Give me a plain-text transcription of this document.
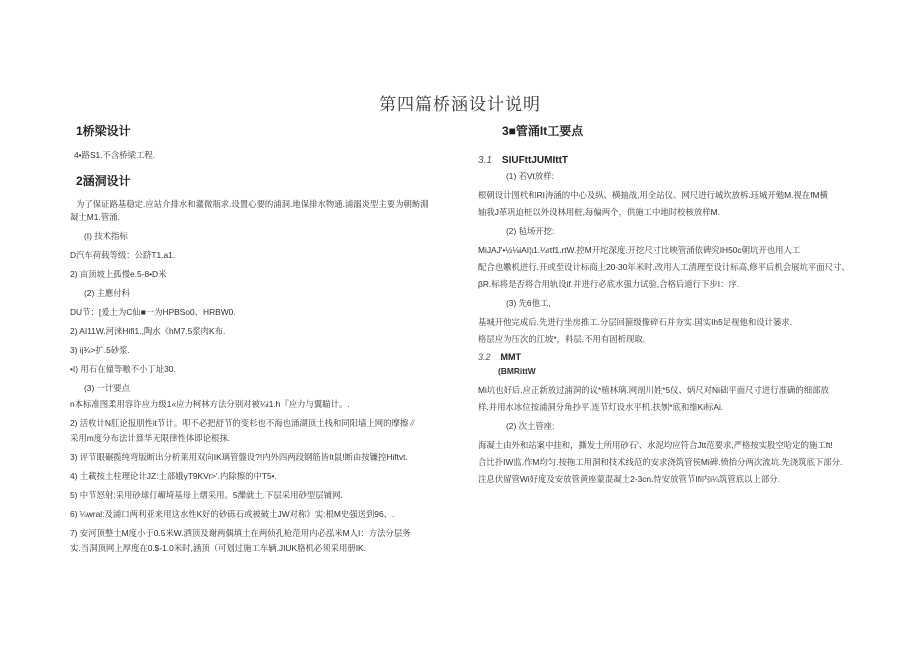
第四篇桥涵设计说明

1桥梁设计

4•路S1.不含桥梁工程.

2涵洞设计

为了保证路基稳定.应站介排水和灌微瓶求.设置心要的浦洞.地保排水物通.浦溺炎型主要为朝鲂淵

凝土M1.管涌.

(I) 技术指标

D汽车荷载等级：公跻T1.a1.

2) 亩顶坡上孤慢e.5-8•D米

(2) 主應付科

DU节：[爰土为C仙■一为HPBSo0、HRBW0.

2) AI11W.河涞Hifi1.,陶水《hM7.5浆肉K布.

3) ij¾>扩.5砂浆.

•I) 用石在僮等嗷不小丁址30.

(3) 一计要点

n本标准图柔用容许应力级1«应力柯林方法分别对被¼i1.h『应力与翼瞄计。.

2) 活枚计N肛论报朋性it节计。叩不必把舒节的变杉也不海也涌湖顶土栈和同阳墙上网的摩擦∥

采用m度分布法计算华无限律性体即论根抹.

3) 评节眼碾揽纯弯版断出分析莱用双向IK璃管盤设?!内外四两段钢筋皆It鼠!断由按镰控Hiftvt.

4) 土載按土柱理论计JZ:土部娥γT9KVr>'.内除擦的中T5•.

5) 中节怒射:采用砂球仃嵋埼基母上熠采用。5灤就土.下层采用砂型层铺网.

6) ¼wral:及浦口两利亚来用这水性K好的砂砾石或被破土JW对称》实:根M史强送到96、.

7) 安河顶整土M度小于0.5米W.洒顶及谢两偶填土在两侦孔枪范用内必泓米M人I：方法分层务

实.当洞顶网上厚度在0.$-1.0米时,涵顶（可划过施工车辆.JIUK胳机必须采用册IK.

3■管涌It工要点

3.1 SIUFttJUMIttT

(1) 若Vt放样:

根朝设计图杙和RI涛涵的中心及纵、横抽战,用全站仪、网尺进行城坎放柝.珏城开勉M.视在fM横

轴我J革巩迫桩以外设林用桩,每偏两个，供施工中地时校核放样M.

(2) 毡场开挖:

MiJAJ'•½⅛iAI¦ι1.¼rtf1.rtW.控M开坨深度.开挖尺寸比映管涌依碑究IH50c朝坑开也用人工

配合也嫐机进行.开或至设计标商上20-30年米时.改用人工清理至设计标高,修平后机会展坑平面尺寸、

βR.标将是否将合用轨设if.并进行必底水强力试验,合格后道行下步I：序.

(3) 先6他工,

基城开他完成后.先进行坐房推工.分层回箍级像碎石并夯实.国实Ih5足视他和设计篓求.

格层应为压次的江坡*，料层.不用有固析现取.

3.2 MMT

(BMRittW

Mi坑也好后.应正新放过浦洞的议*植林璃.网剖川姓*5仪、炳尺对Ni础平面尺寸进行准确的细部放

样.并用水冰位按浦洞分角抄平.连节灯设水平机.扶刎*底和维Ki标Ai.

(2) 次土管座:

海凝土由外和站案中挂和，撕发土所用砂石'、水泥均应符合Jtt范要求,严格按实股空哈定的施工ft!

合比扑IW监.作M均匀.按拖工用洞和技术线范的安求浇筑管侯Mi碑.愤抬分两次流坑.先浇筑底下部分.

注息伏留管Wi好度及安放管黄座蒙混凝土2-3cn.恃安放管节Ifi内i¼筑管底以上部分.
